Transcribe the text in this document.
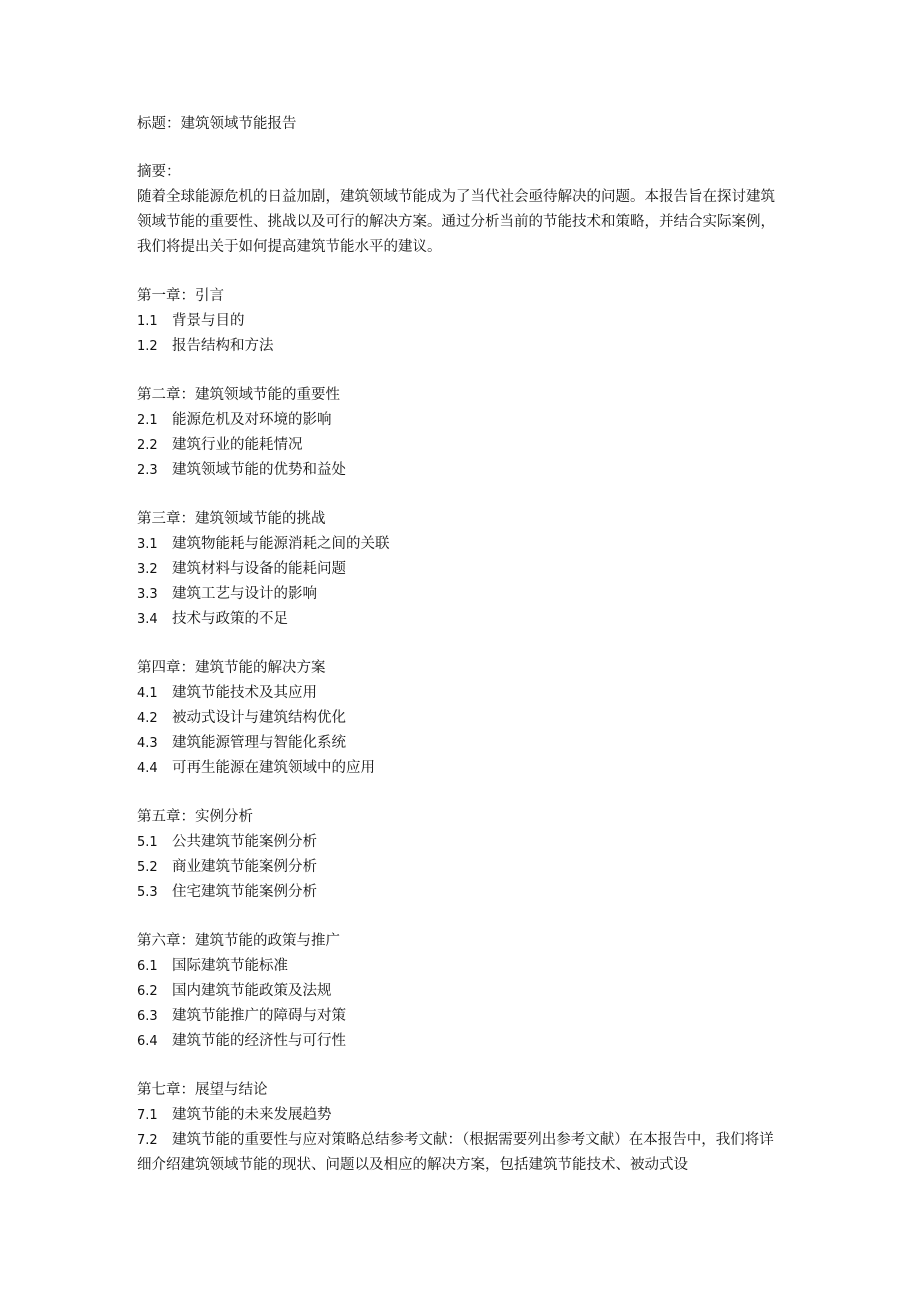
标题：建筑领域节能报告
摘要：
随着全球能源危机的日益加剧，建筑领域节能成为了当代社会亟待解决的问题。本报告旨在探讨建筑领域节能的重要性、挑战以及可行的解决方案。通过分析当前的节能技术和策略，并结合实际案例，我们将提出关于如何提高建筑节能水平的建议。
第一章：引言
1.1 背景与目的
1.2 报告结构和方法
第二章：建筑领域节能的重要性
2.1 能源危机及对环境的影响
2.2 建筑行业的能耗情况
2.3 建筑领域节能的优势和益处
第三章：建筑领域节能的挑战
3.1 建筑物能耗与能源消耗之间的关联
3.2 建筑材料与设备的能耗问题
3.3 建筑工艺与设计的影响
3.4 技术与政策的不足
第四章：建筑节能的解决方案
4.1 建筑节能技术及其应用
4.2 被动式设计与建筑结构优化
4.3 建筑能源管理与智能化系统
4.4 可再生能源在建筑领域中的应用
第五章：实例分析
5.1 公共建筑节能案例分析
5.2 商业建筑节能案例分析
5.3 住宅建筑节能案例分析
第六章：建筑节能的政策与推广
6.1 国际建筑节能标准
6.2 国内建筑节能政策及法规
6.3 建筑节能推广的障碍与对策
6.4 建筑节能的经济性与可行性
第七章：展望与结论
7.1 建筑节能的未来发展趋势
7.2 建筑节能的重要性与应对策略总结参考文献：（根据需要列出参考文献）在本报告中，我们将详细介绍建筑领域节能的现状、问题以及相应的解决方案，包括建筑节能技术、被动式设
